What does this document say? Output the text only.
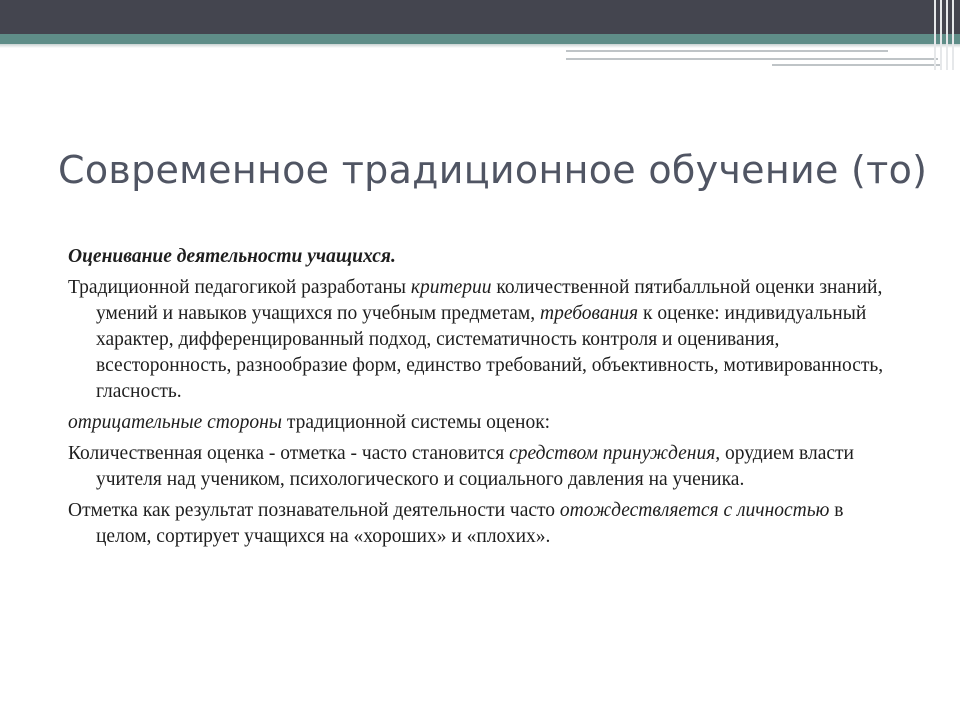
Современное традиционное обучение (то)

Оценивание деятельности учащихся.

Традиционной педагогикой разработаны критерии количественной пятибалльной оценки знаний, умений и навыков учащихся по учебным предметам, требования к оценке: индивидуальный характер, дифференцированный подход, систематичность контроля и оценивания, всесторонность, разнообразие форм, единство требований, объективность, мотивированность, гласность.

отрицательные стороны традиционной системы оценок:

Количественная оценка - отметка - часто становится средством принуждения, орудием власти учителя над учеником, психологического и социального давления на ученика.

Отметка как результат познавательной деятельности часто отождествляется с личностью в целом, сортирует учащихся на «хороших» и «плохих».
